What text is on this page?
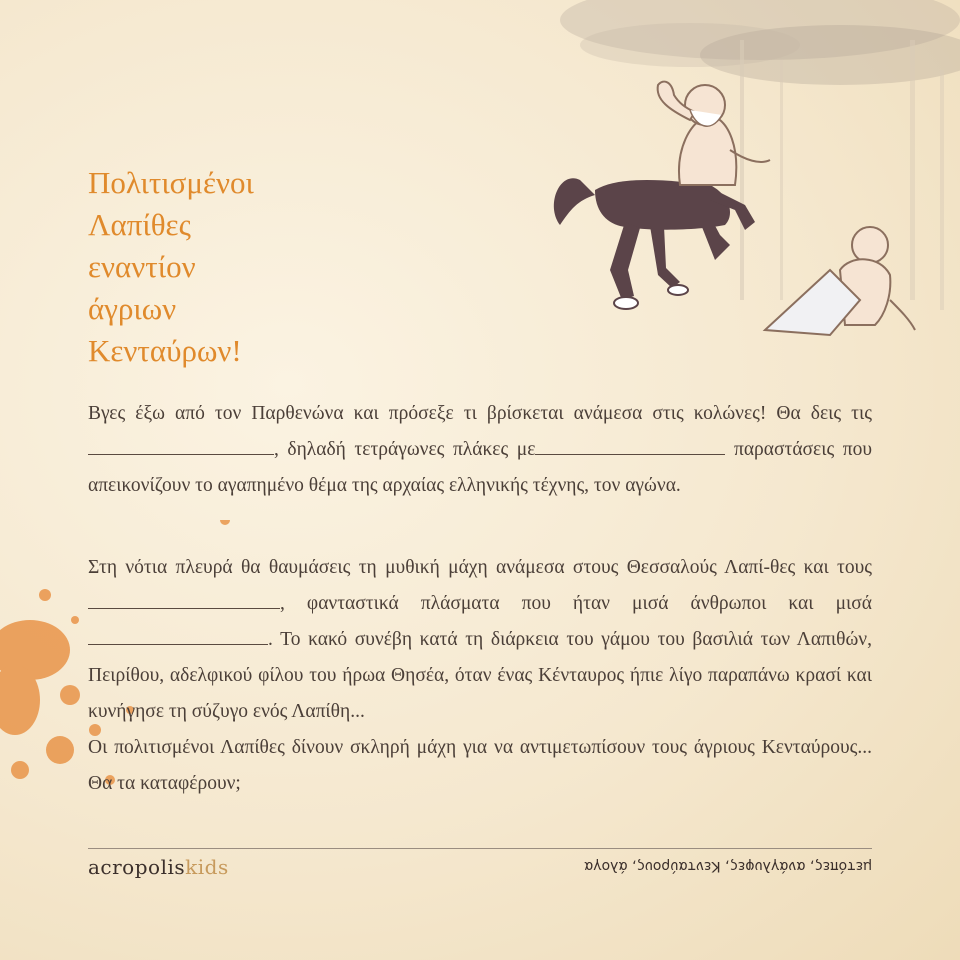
Πολιτισμένοι
Λαπίθες
εναντίον
άγριων
Κενταύρων!

Βγες έξω από τον Παρθενώνα και πρόσεξε τι βρίσκεται ανάμεσα στις κολώνες! Θα δεις τις , δηλαδή τετράγωνες πλάκες με	παραστάσεις που απεικονίζουν το αγαπημένο θέμα της αρχαίας ελληνικής τέχνης, τον αγώνα.

Στη νότια πλευρά θα θαυμάσεις τη μυθική μάχη ανάμεσα στους Θεσσαλούς Λαπί-θες και τους , φανταστικά πλάσματα που ήταν μισά άνθρωποι και μισά . Το κακό συνέβη κατά τη διάρκεια του γάμου του βασιλιά των Λαπιθών, Πειρίθου, αδελφικού φίλου του ήρωα Θησέα, όταν ένας Κένταυρος ήπιε λίγο παραπάνω κρασί και κυνήγησε τη σύζυγο ενός Λαπίθη...

Οι πολιτισμένοι Λαπίθες δίνουν σκληρή μάχη για να αντιμετωπίσουν τους άγριους Κενταύρους... Θα τα καταφέρουν;

acropoliskids	μετόπες, ανάγλυφες, Κενταύρους, άλογα
